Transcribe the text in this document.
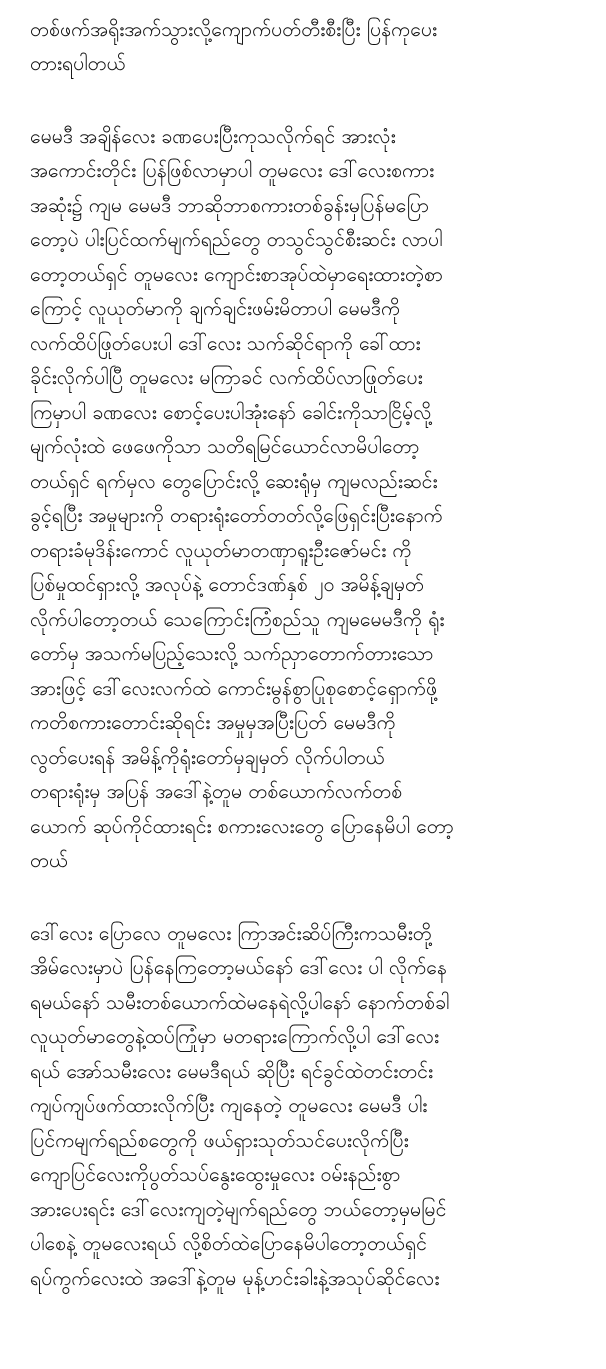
တစ်ဖက်အရိုးအက်သွားလို့ကျောက်ပတ်တီးစီးပြီး ပြန်ကုပေး
တားရပါတယ်
မေမဒီ အချိန်လေး ခဏပေးပြီးကုသလိုက်ရင် အားလုံး
အကောင်းတိုင်း ပြန်ဖြစ်လာမှာပါ တူမလေး ဒေါ်လေးစကား
အဆုံး၌ ကျမ မေမဒီ ဘာဆိုဘာစကားတစ်ခွန်းမှပြန်မပြော
တော့ပဲ ပါးပြင်ထက်မျက်ရည်တွေ တသွင်သွင်စီးဆင်း လာပါ
တော့တယ်ရှင် တူမလေး ကျောင်းစာအုပ်ထဲမှာရေးထားတဲ့စာ
ကြောင့် လူယုတ်မာကို ချက်ချင်းဖမ်းမိတာပါ မေမဒီကို
လက်ထိပ်ဖြုတ်ပေးပါ ဒေါ်လေး သက်ဆိုင်ရာကို ခေါ်ထား
ခိုင်းလိုက်ပါပြီ တူမလေး မကြာခင် လက်ထိပ်လာဖြုတ်ပေး
ကြမှာပါ ခဏလေး စောင့်ပေးပါအုံးနော် ခေါင်းကိုသာငြိမ့်လို့
မျက်လုံးထဲ ဖေဖေကိုသာ သတိရမြင်ယောင်လာမိပါတော့
တယ်ရှင် ရက်မှလ တွေပြောင်းလို့ ဆေးရုံမှ ကျမလည်းဆင်း
ခွင့်ရပြီး အမှုများကို တရားရုံးတော်တတ်လို့ဖြေရှင်းပြီးနောက်
တရားခံမုဒိန်းကောင် လူယုတ်မာတဏှာရူးဦးဇော်မင်း ကို
ပြစ်မှုထင်ရှားလို့ အလုပ်နဲ့ တောင်ဒဏ်နှစ် ၂၀ အမိန့်ချမှတ်
လိုက်ပါတော့တယ် သေကြောင်းကြံစည်သူ ကျမမေမဒီကို ရုံး
တော်မှ အသက်မပြည့်သေးလို့ သက်ညှာတောက်တားသော
အားဖြင့် ဒေါ်လေးလက်ထဲ ကောင်းမွန်စွာပြုစုစောင့်ရှောက်ဖို့
ကတိစကားတောင်းဆိုရင်း အမှုမှအပြီးပြတ် မေမဒီကို
လွတ်ပေးရန် အမိန့်ကိုရုံးတော်မှချမှတ် လိုက်ပါတယ်
တရားရုံးမှ အပြန် အဒေါ်နဲ့တူမ တစ်ယောက်လက်တစ်
ယောက် ဆုပ်ကိုင်ထားရင်း စကားလေးတွေ ပြောနေမိပါ တော့
တယ်
ဒေါ်လေး ပြောလေ တူမလေး ကြာအင်းဆိပ်ကြီးကသမီးတို့
အိမ်လေးမှာပဲ ပြန်နေကြတော့မယ်နော် ဒေါ်လေး ပါ လိုက်နေ
ရမယ်နော် သမီးတစ်ယောက်ထဲမနေရဲလို့ပါနော် နောက်တစ်ခါ
လူယုတ်မာတွေနဲ့ထပ်ကြုံမှာ မတရားကြောက်လို့ပါ ဒေါ်လေး
ရယ် အော်သမီးလေး မေမဒီရယ် ဆိုပြီး ရင်ခွင်ထဲတင်းတင်း
ကျပ်ကျပ်ဖက်ထားလိုက်ပြီး ကျနေတဲ့ တူမလေး မေမဒီ ပါး
ပြင်ကမျက်ရည်စတွေကို ဖယ်ရှားသုတ်သင်ပေးလိုက်ပြီး
ကျောပြင်လေးကိုပွတ်သပ်နွေးထွေးမှုလေး ဝမ်းနည်းစွာ
အားပေးရင်း ဒေါ်လေးကျတဲ့မျက်ရည်တွေ ဘယ်တော့မှမမြင်
ပါစေနဲ့ တူမလေးရယ် လို့စိတ်ထဲပြောနေမိပါတော့တယ်ရှင်
ရပ်ကွက်လေးထဲ အဒေါ်နဲ့တူမ မုန့်ဟင်းခါးနဲ့အသုပ်ဆိုင်လေး
